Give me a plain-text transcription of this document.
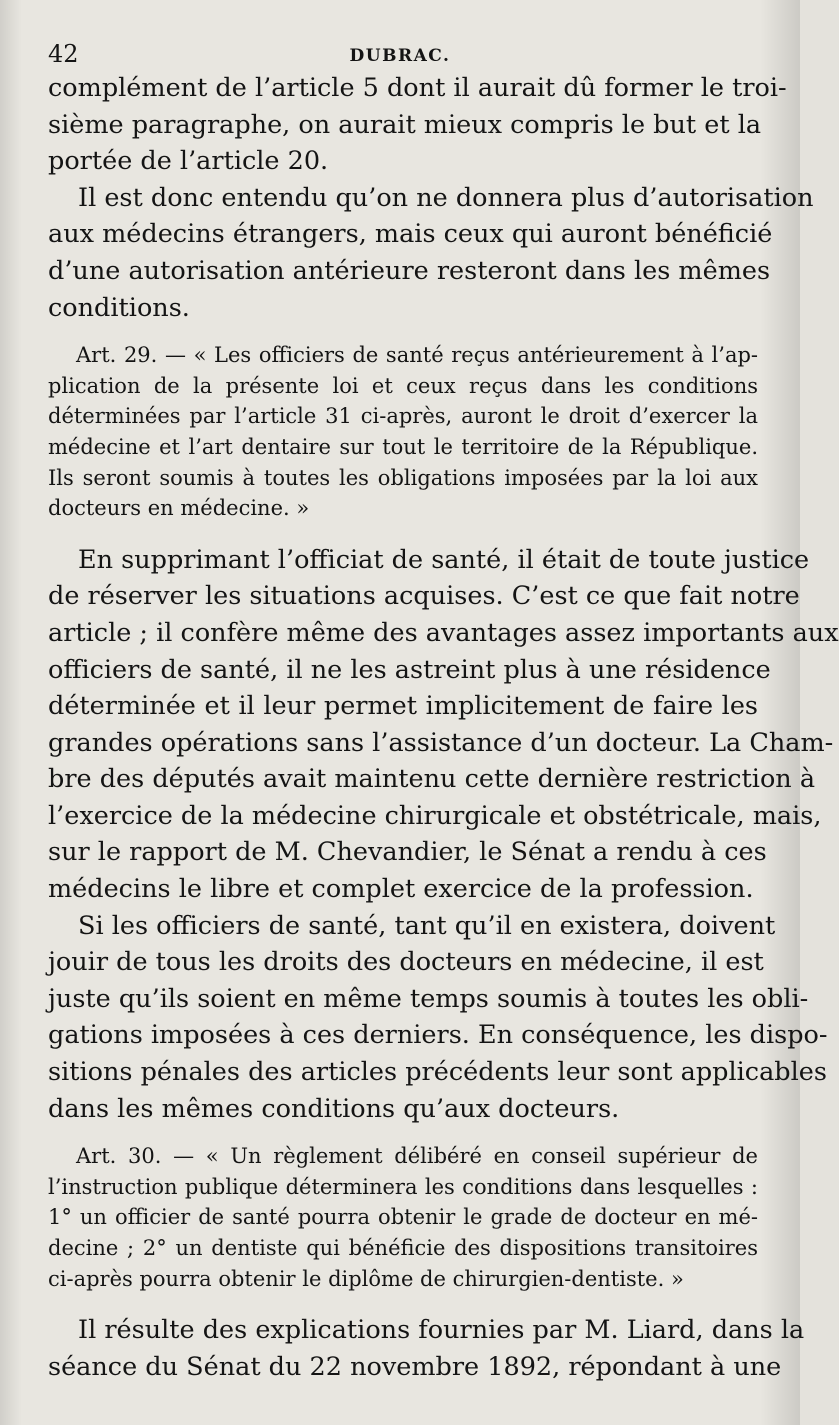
42	DUBRAC.
complément de l’article 5 dont il aurait dû former le troi-
sième paragraphe, on aurait mieux compris le but et la
portée de l’article 20.
Il est donc entendu qu’on ne donnera plus d’autorisation
aux médecins étrangers, mais ceux qui auront bénéficié
d’une autorisation antérieure resteront dans les mêmes
conditions.
Art. 29. — « Les officiers de santé reçus antérieurement à l’ap-
plication de la présente loi et ceux reçus dans les conditions
déterminées par l’article 31 ci-après, auront le droit d’exercer la
médecine et l’art dentaire sur tout le territoire de la République.
Ils seront soumis à toutes les obligations imposées par la loi aux
docteurs en médecine. »
En supprimant l’officiat de santé, il était de toute justice
de réserver les situations acquises. C’est ce que fait notre
article ; il confère même des avantages assez importants aux
officiers de santé, il ne les astreint plus à une résidence
déterminée et il leur permet implicitement de faire les
grandes opérations sans l’assistance d’un docteur. La Cham-
bre des députés avait maintenu cette dernière restriction à
l’exercice de la médecine chirurgicale et obstétricale, mais,
sur le rapport de M. Chevandier, le Sénat a rendu à ces
médecins le libre et complet exercice de la profession.
Si les officiers de santé, tant qu’il en existera, doivent
jouir de tous les droits des docteurs en médecine, il est
juste qu’ils soient en même temps soumis à toutes les obli-
gations imposées à ces derniers. En conséquence, les dispo-
sitions pénales des articles précédents leur sont applicables
dans les mêmes conditions qu’aux docteurs.
Art. 30. — « Un règlement délibéré en conseil supérieur de
l’instruction publique déterminera les conditions dans lesquelles :
1° un officier de santé pourra obtenir le grade de docteur en mé-
decine ; 2° un dentiste qui bénéficie des dispositions transitoires
ci-après pourra obtenir le diplôme de chirurgien-dentiste. »
Il résulte des explications fournies par M. Liard, dans la
séance du Sénat du 22 novembre 1892, répondant à une
